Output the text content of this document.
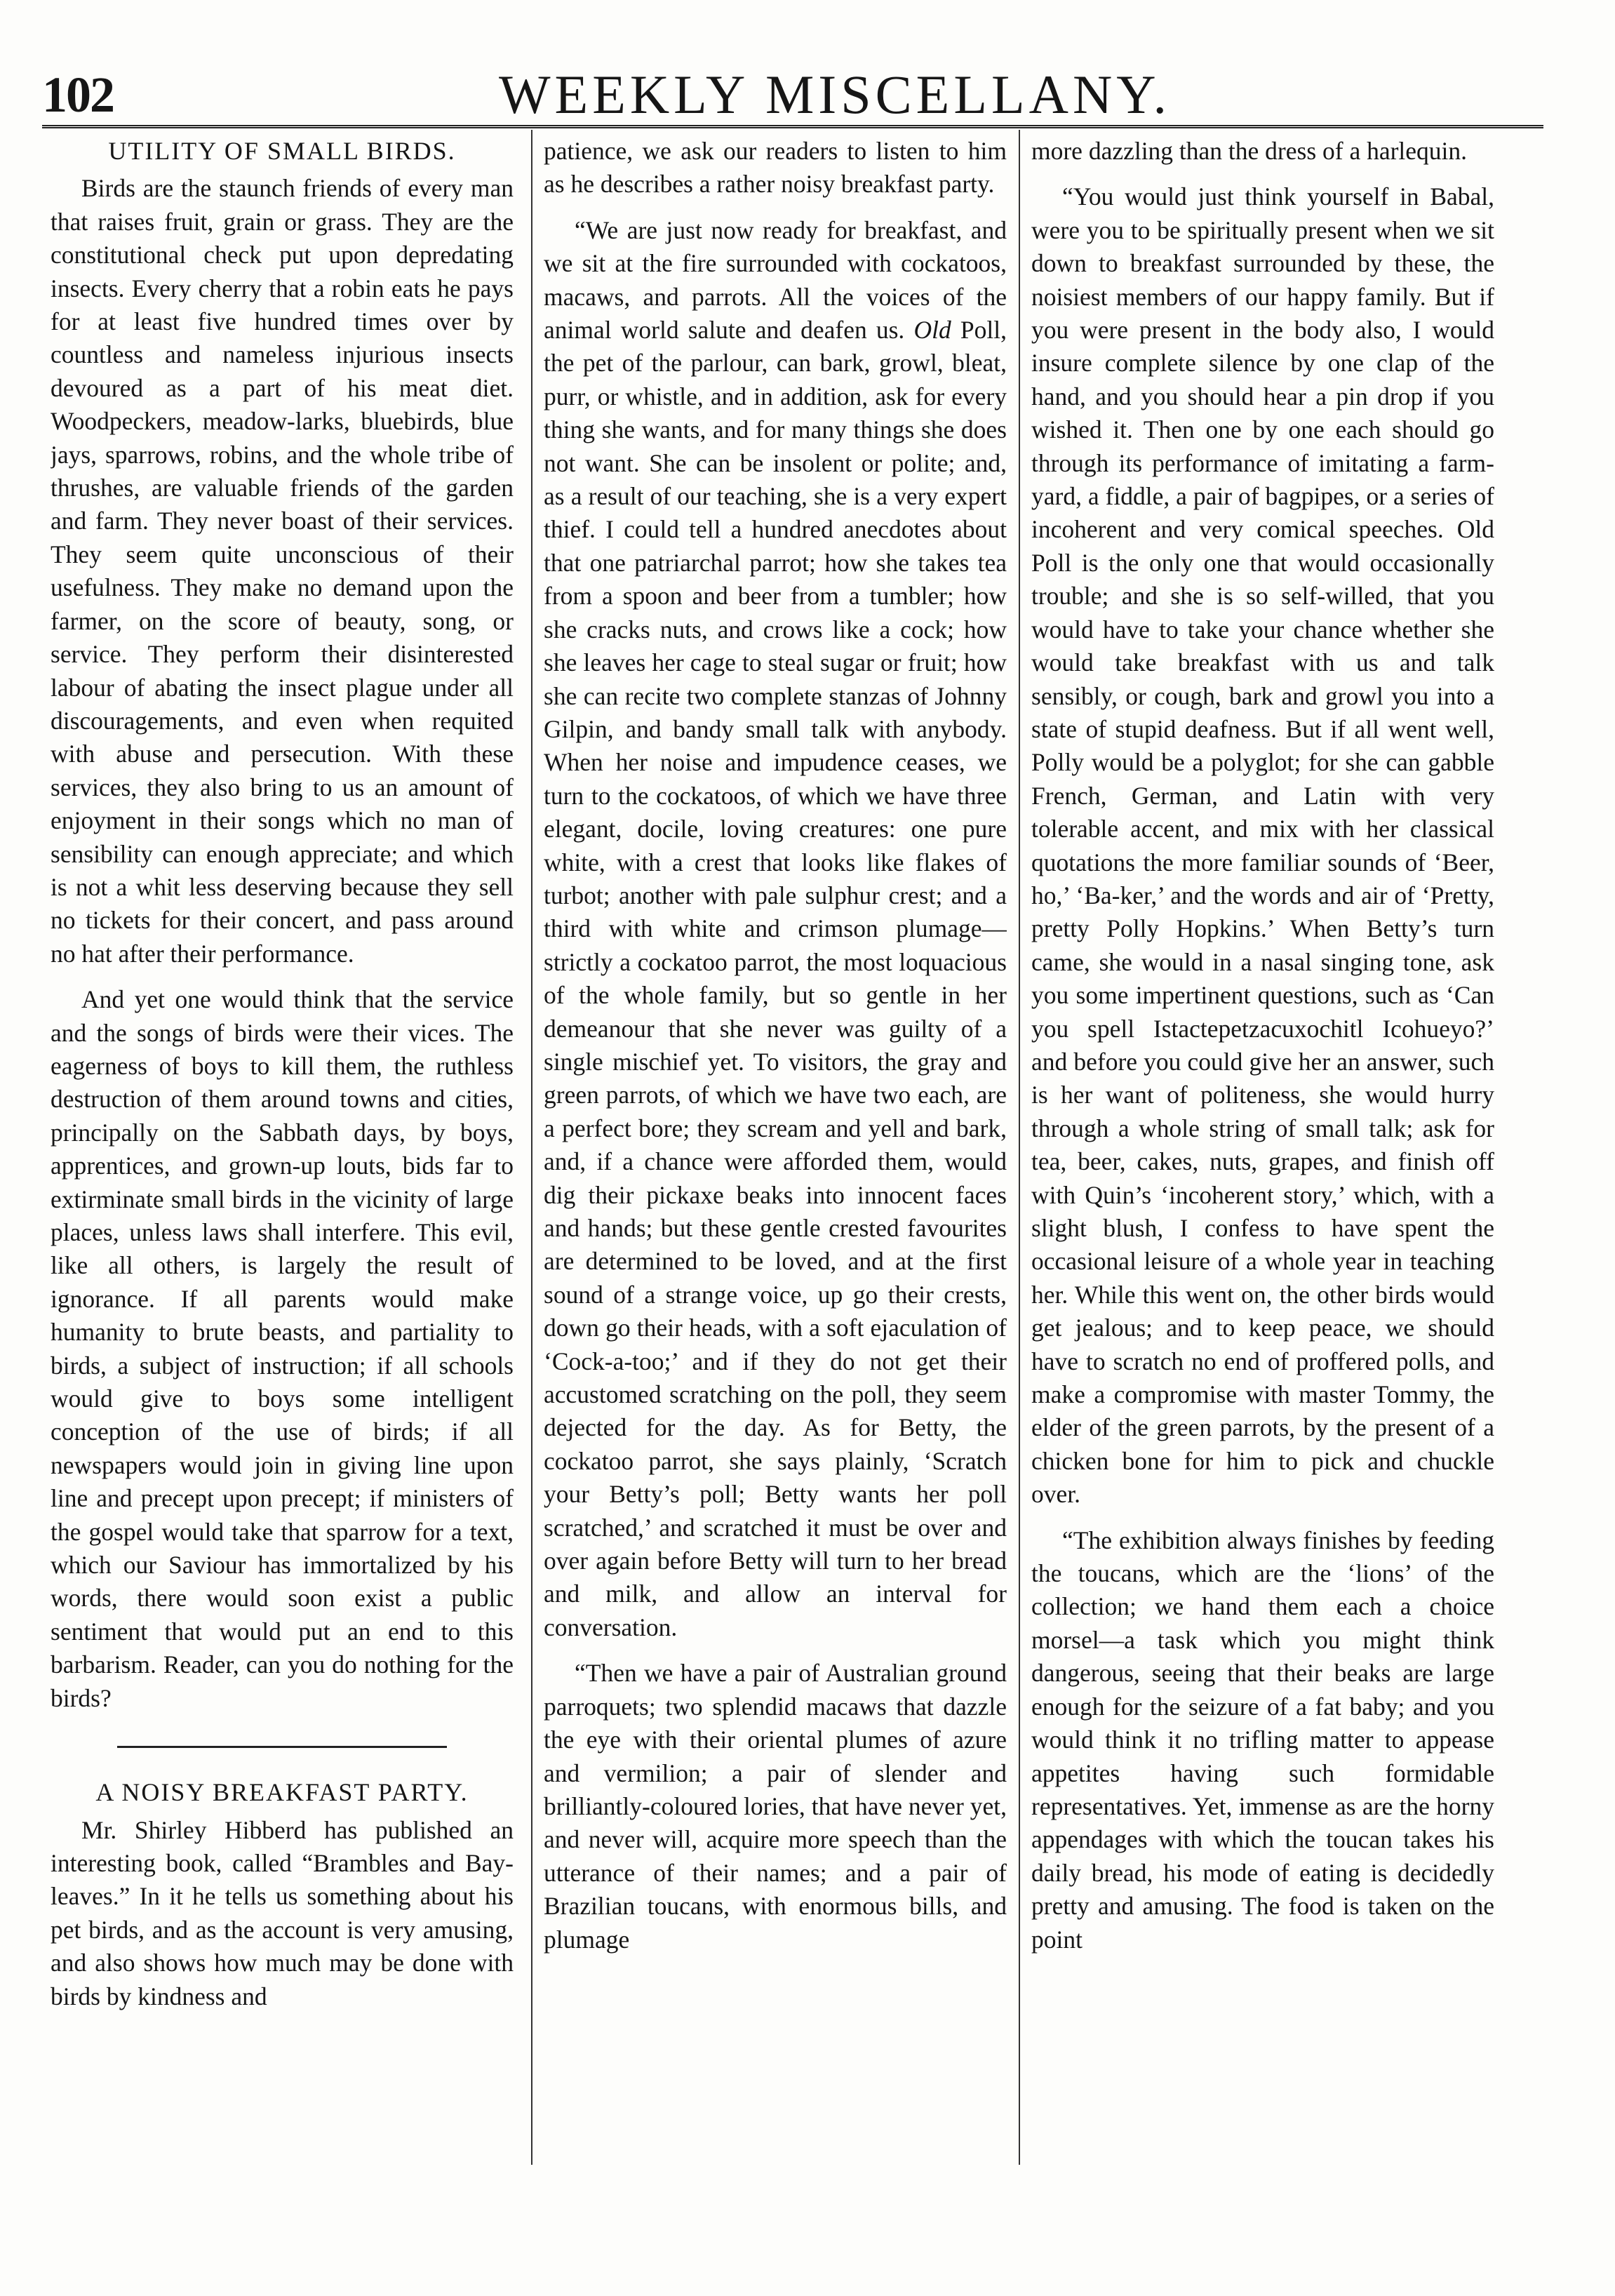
102	WEEKLY MISCELLANY.
UTILITY OF SMALL BIRDS.

Birds are the staunch friends of every man that raises fruit, grain or grass. They are the constitutional check put upon depredating insects. Every cherry that a robin eats he pays for at least five hundred times over by countless and nameless injurious insects devoured as a part of his meat diet. Woodpeckers, meadow-larks, bluebirds, blue jays, sparrows, robins, and the whole tribe of thrushes, are valuable friends of the garden and farm. They never boast of their services. They seem quite unconscious of their usefulness. They make no demand upon the farmer, on the score of beauty, song, or service. They perform their disinterested labour of abating the insect plague under all discouragements, and even when requited with abuse and persecution. With these services, they also bring to us an amount of enjoyment in their songs which no man of sensibility can enough appreciate; and which is not a whit less deserving because they sell no tickets for their concert, and pass around no hat after their performance.

And yet one would think that the service and the songs of birds were their vices. The eagerness of boys to kill them, the ruthless destruction of them around towns and cities, principally on the Sabbath days, by boys, apprentices, and grown-up louts, bids far to extirminate small birds in the vicinity of large places, unless laws shall interfere. This evil, like all others, is largely the result of ignorance. If all parents would make humanity to brute beasts, and partiality to birds, a subject of instruction; if all schools would give to boys some intelligent conception of the use of birds; if all newspapers would join in giving line upon line and precept upon precept; if ministers of the gospel would take that sparrow for a text, which our Saviour has immortalized by his words, there would soon exist a public sentiment that would put an end to this barbarism. Reader, can you do nothing for the birds?

A NOISY BREAKFAST PARTY.

Mr. Shirley Hibberd has published an interesting book, called “Brambles and Bay-leaves.” In it he tells us something about his pet birds, and as the account is very amusing, and also shows how much may be done with birds by kindness and

patience, we ask our readers to listen to him as he describes a rather noisy breakfast party.

“We are just now ready for breakfast, and we sit at the fire surrounded with cockatoos, macaws, and parrots. All the voices of the animal world salute and deafen us. Old Poll, the pet of the parlour, can bark, growl, bleat, purr, or whistle, and in addition, ask for every thing she wants, and for many things she does not want. She can be insolent or polite; and, as a result of our teaching, she is a very expert thief. I could tell a hundred anecdotes about that one patriarchal parrot; how she takes tea from a spoon and beer from a tumbler; how she cracks nuts, and crows like a cock; how she leaves her cage to steal sugar or fruit; how she can recite two complete stanzas of Johnny Gilpin, and bandy small talk with anybody. When her noise and impudence ceases, we turn to the cockatoos, of which we have three elegant, docile, loving creatures: one pure white, with a crest that looks like flakes of turbot; another with pale sulphur crest; and a third with white and crimson plumage—strictly a cockatoo parrot, the most loquacious of the whole family, but so gentle in her demeanour that she never was guilty of a single mischief yet. To visitors, the gray and green parrots, of which we have two each, are a perfect bore; they scream and yell and bark, and, if a chance were afforded them, would dig their pickaxe beaks into innocent faces and hands; but these gentle crested favourites are determined to be loved, and at the first sound of a strange voice, up go their crests, down go their heads, with a soft ejaculation of ‘Cock-a-too;’ and if they do not get their accustomed scratching on the poll, they seem dejected for the day. As for Betty, the cockatoo parrot, she says plainly, ‘Scratch your Betty’s poll; Betty wants her poll scratched,’ and scratched it must be over and over again before Betty will turn to her bread and milk, and allow an interval for conversation.

“Then we have a pair of Australian ground parroquets; two splendid macaws that dazzle the eye with their oriental plumes of azure and vermilion; a pair of slender and brilliantly-coloured lories, that have never yet, and never will, acquire more speech than the utterance of their names; and a pair of Brazilian toucans, with enormous bills, and plumage

more dazzling than the dress of a harlequin.

“You would just think yourself in Babal, were you to be spiritually present when we sit down to breakfast surrounded by these, the noisiest members of our happy family. But if you were present in the body also, I would insure complete silence by one clap of the hand, and you should hear a pin drop if you wished it. Then one by one each should go through its performance of imitating a farm-yard, a fiddle, a pair of bagpipes, or a series of incoherent and very comical speeches. Old Poll is the only one that would occasionally trouble; and she is so self-willed, that you would have to take your chance whether she would take breakfast with us and talk sensibly, or cough, bark and growl you into a state of stupid deafness. But if all went well, Polly would be a polyglot; for she can gabble French, German, and Latin with very tolerable accent, and mix with her classical quotations the more familiar sounds of ‘Beer, ho,’ ‘Ba-ker,’ and the words and air of ‘Pretty, pretty Polly Hopkins.’ When Betty’s turn came, she would in a nasal singing tone, ask you some impertinent questions, such as ‘Can you spell Istactepetzacuxochitl Icohueyo?’ and before you could give her an answer, such is her want of politeness, she would hurry through a whole string of small talk; ask for tea, beer, cakes, nuts, grapes, and finish off with Quin’s ‘incoherent story,’ which, with a slight blush, I confess to have spent the occasional leisure of a whole year in teaching her. While this went on, the other birds would get jealous; and to keep peace, we should have to scratch no end of proffered polls, and make a compromise with master Tommy, the elder of the green parrots, by the present of a chicken bone for him to pick and chuckle over.

“The exhibition always finishes by feeding the toucans, which are the ‘lions’ of the collection; we hand them each a choice morsel—a task which you might think dangerous, seeing that their beaks are large enough for the seizure of a fat baby; and you would think it no trifling matter to appease appetites having such formidable representatives. Yet, immense as are the horny appendages with which the toucan takes his daily bread, his mode of eating is decidedly pretty and amusing. The food is taken on the point
